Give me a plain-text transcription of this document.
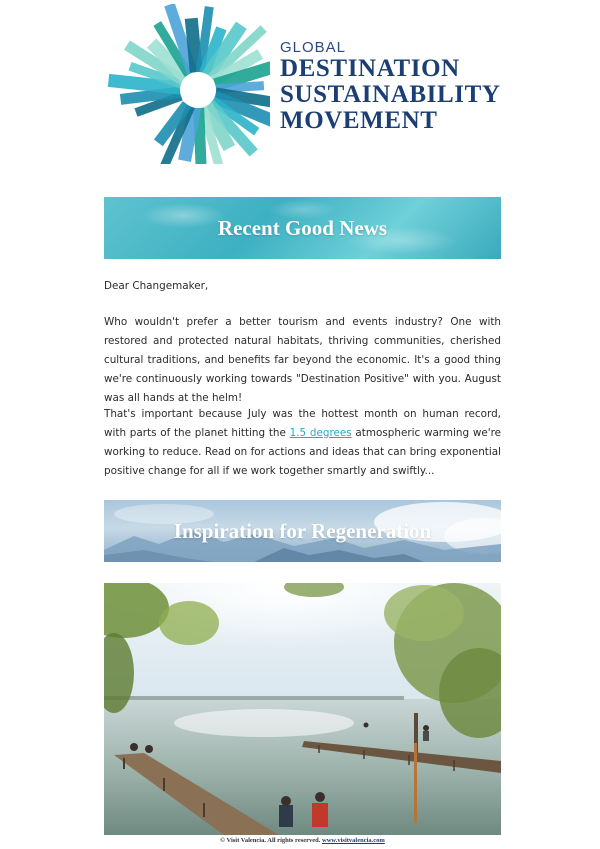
GLOBAL
DESTINATION
SUSTAINABILITY
MOVEMENT
Recent Good News
Dear Changemaker,
Who wouldn't prefer a better tourism and events industry? One with restored and protected natural habitats, thriving communities, cherished cultural traditions, and benefits far beyond the economic. It's a good thing we're continuously working towards "Destination Positive" with you. August was all hands at the helm!
That's important because July was the hottest month on human record, with parts of the planet hitting the 1.5 degrees atmospheric warming we're working to reduce. Read on for actions and ideas that can bring exponential positive change for all if we work together smartly and swiftly...
Inspiration for Regeneration
© Visit Valencia. All rights reserved. www.visitvalencia.com
